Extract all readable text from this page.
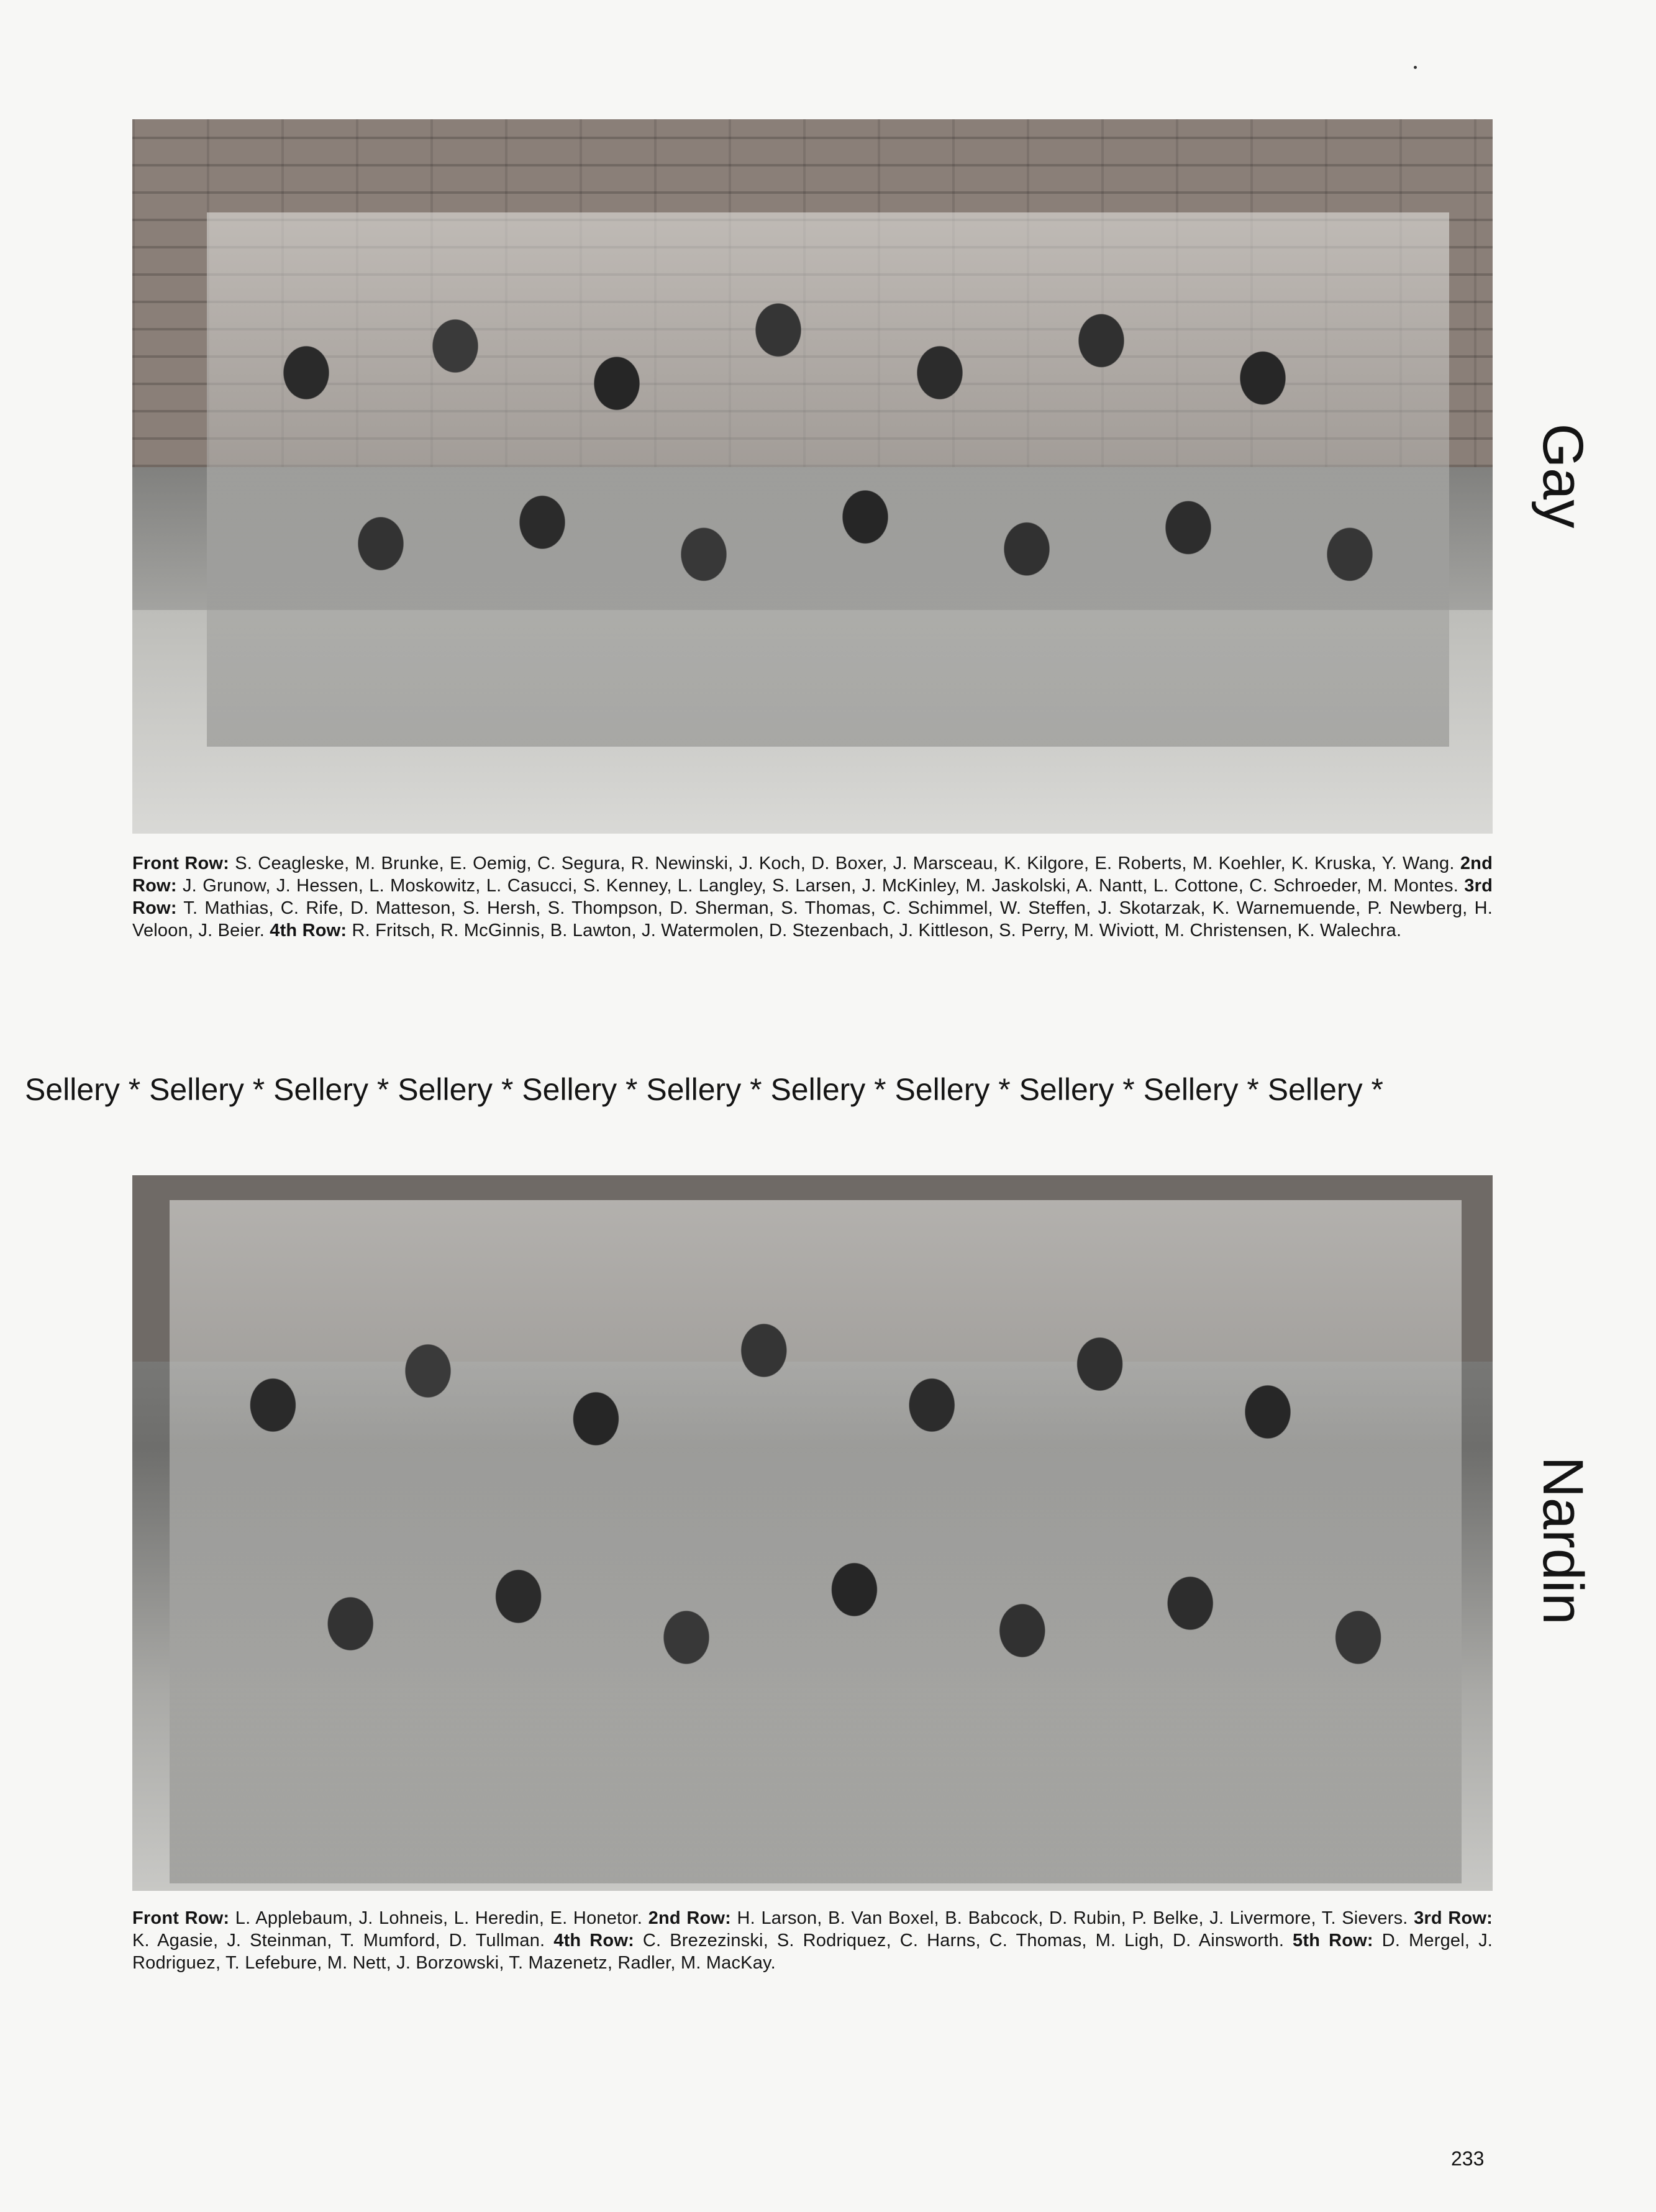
Front Row: S. Ceagleske, M. Brunke, E. Oemig, C. Segura, R. Newinski, J. Koch, D. Boxer, J. Marsceau, K. Kilgore, E. Roberts, M. Koehler, K. Kruska, Y. Wang. 2nd Row: J. Grunow, J. Hessen, L. Moskowitz, L. Casucci, S. Kenney, L. Langley, S. Larsen, J. McKinley, M. Jaskolski, A. Nantt, L. Cottone, C. Schroeder, M. Montes. 3rd Row: T. Mathias, C. Rife, D. Matteson, S. Hersh, S. Thompson, D. Sherman, S. Thomas, C. Schimmel, W. Steffen, J. Skotarzak, K. Warnemuende, P. Newberg, H. Veloon, J. Beier. 4th Row: R. Fritsch, R. McGinnis, B. Lawton, J. Watermolen, D. Stezenbach, J. Kittleson, S. Perry, M. Wiviott, M. Christensen, K. Walechra.

Gay

Sellery * Sellery * Sellery * Sellery * Sellery * Sellery * Sellery * Sellery * Sellery * Sellery * Sellery *

Front Row: L. Applebaum, J. Lohneis, L. Heredin, E. Honetor. 2nd Row: H. Larson, B. Van Boxel, B. Babcock, D. Rubin, P. Belke, J. Livermore, T. Sievers. 3rd Row: K. Agasie, J. Steinman, T. Mumford, D. Tullman. 4th Row: C. Brezezinski, S. Rodriquez, C. Harns, C. Thomas, M. Ligh, D. Ainsworth. 5th Row: D. Mergel, J. Rodriguez, T. Lefebure, M. Nett, J. Borzowski, T. Mazenetz, Radler, M. MacKay.

Nardin

233
